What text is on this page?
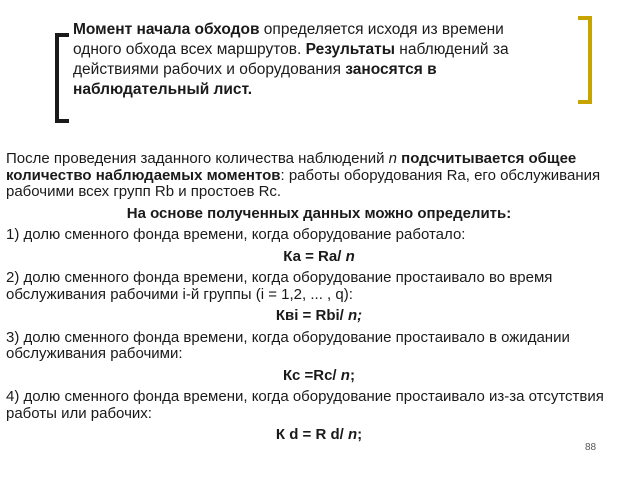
Момент начала обходов определяется исходя из времени одного обхода всех маршрутов. Результаты наблюдений за действиями рабочих и оборудования заносятся в наблюдательный лист.

После проведения заданного количества наблюдений n подсчитывается общее количество наблюдаемых моментов: работы оборудования Ra, его обслуживания рабочими всех групп Rb и простоев Rc.

На основе полученных данных можно определить:

1) долю сменного фонда времени, когда оборудование работало:

Ка = Ra/ n

2) долю сменного фонда времени, когда оборудование простаивало во время обслуживания рабочими i-й группы (i = 1,2, ... , q):

Квi = Rbi/ n;

3) долю сменного фонда времени, когда оборудование простаивало в ожидании обслуживания рабочими:

Кс =Rc/ n;

4) долю сменного фонда времени, когда оборудование простаивало из-за отсутствия работы или рабочих:

К d = R d/ n;

88
